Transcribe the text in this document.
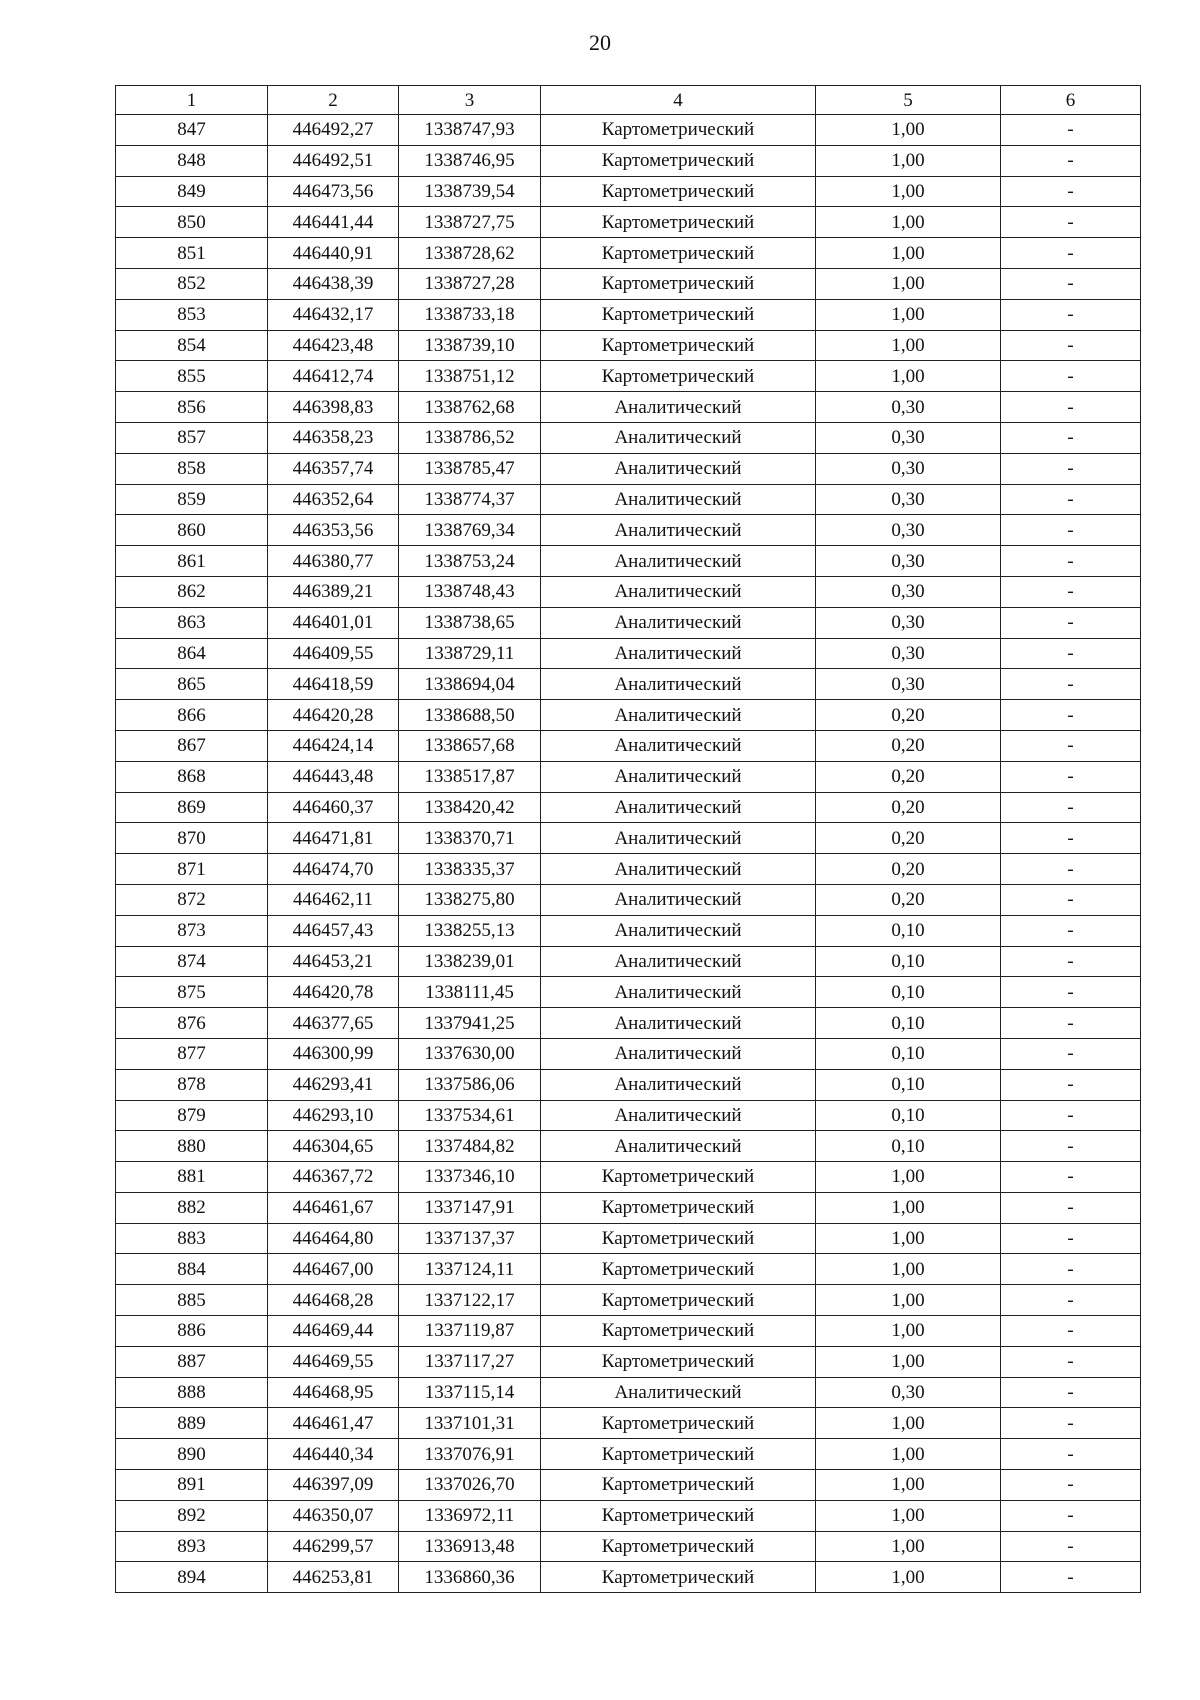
20
1	2	3	4	5	6
847	446492,27	1338747,93	Картометрический	1,00	-
848	446492,51	1338746,95	Картометрический	1,00	-
849	446473,56	1338739,54	Картометрический	1,00	-
850	446441,44	1338727,75	Картометрический	1,00	-
851	446440,91	1338728,62	Картометрический	1,00	-
852	446438,39	1338727,28	Картометрический	1,00	-
853	446432,17	1338733,18	Картометрический	1,00	-
854	446423,48	1338739,10	Картометрический	1,00	-
855	446412,74	1338751,12	Картометрический	1,00	-
856	446398,83	1338762,68	Аналитический	0,30	-
857	446358,23	1338786,52	Аналитический	0,30	-
858	446357,74	1338785,47	Аналитический	0,30	-
859	446352,64	1338774,37	Аналитический	0,30	-
860	446353,56	1338769,34	Аналитический	0,30	-
861	446380,77	1338753,24	Аналитический	0,30	-
862	446389,21	1338748,43	Аналитический	0,30	-
863	446401,01	1338738,65	Аналитический	0,30	-
864	446409,55	1338729,11	Аналитический	0,30	-
865	446418,59	1338694,04	Аналитический	0,30	-
866	446420,28	1338688,50	Аналитический	0,20	-
867	446424,14	1338657,68	Аналитический	0,20	-
868	446443,48	1338517,87	Аналитический	0,20	-
869	446460,37	1338420,42	Аналитический	0,20	-
870	446471,81	1338370,71	Аналитический	0,20	-
871	446474,70	1338335,37	Аналитический	0,20	-
872	446462,11	1338275,80	Аналитический	0,20	-
873	446457,43	1338255,13	Аналитический	0,10	-
874	446453,21	1338239,01	Аналитический	0,10	-
875	446420,78	1338111,45	Аналитический	0,10	-
876	446377,65	1337941,25	Аналитический	0,10	-
877	446300,99	1337630,00	Аналитический	0,10	-
878	446293,41	1337586,06	Аналитический	0,10	-
879	446293,10	1337534,61	Аналитический	0,10	-
880	446304,65	1337484,82	Аналитический	0,10	-
881	446367,72	1337346,10	Картометрический	1,00	-
882	446461,67	1337147,91	Картометрический	1,00	-
883	446464,80	1337137,37	Картометрический	1,00	-
884	446467,00	1337124,11	Картометрический	1,00	-
885	446468,28	1337122,17	Картометрический	1,00	-
886	446469,44	1337119,87	Картометрический	1,00	-
887	446469,55	1337117,27	Картометрический	1,00	-
888	446468,95	1337115,14	Аналитический	0,30	-
889	446461,47	1337101,31	Картометрический	1,00	-
890	446440,34	1337076,91	Картометрический	1,00	-
891	446397,09	1337026,70	Картометрический	1,00	-
892	446350,07	1336972,11	Картометрический	1,00	-
893	446299,57	1336913,48	Картометрический	1,00	-
894	446253,81	1336860,36	Картометрический	1,00	-
